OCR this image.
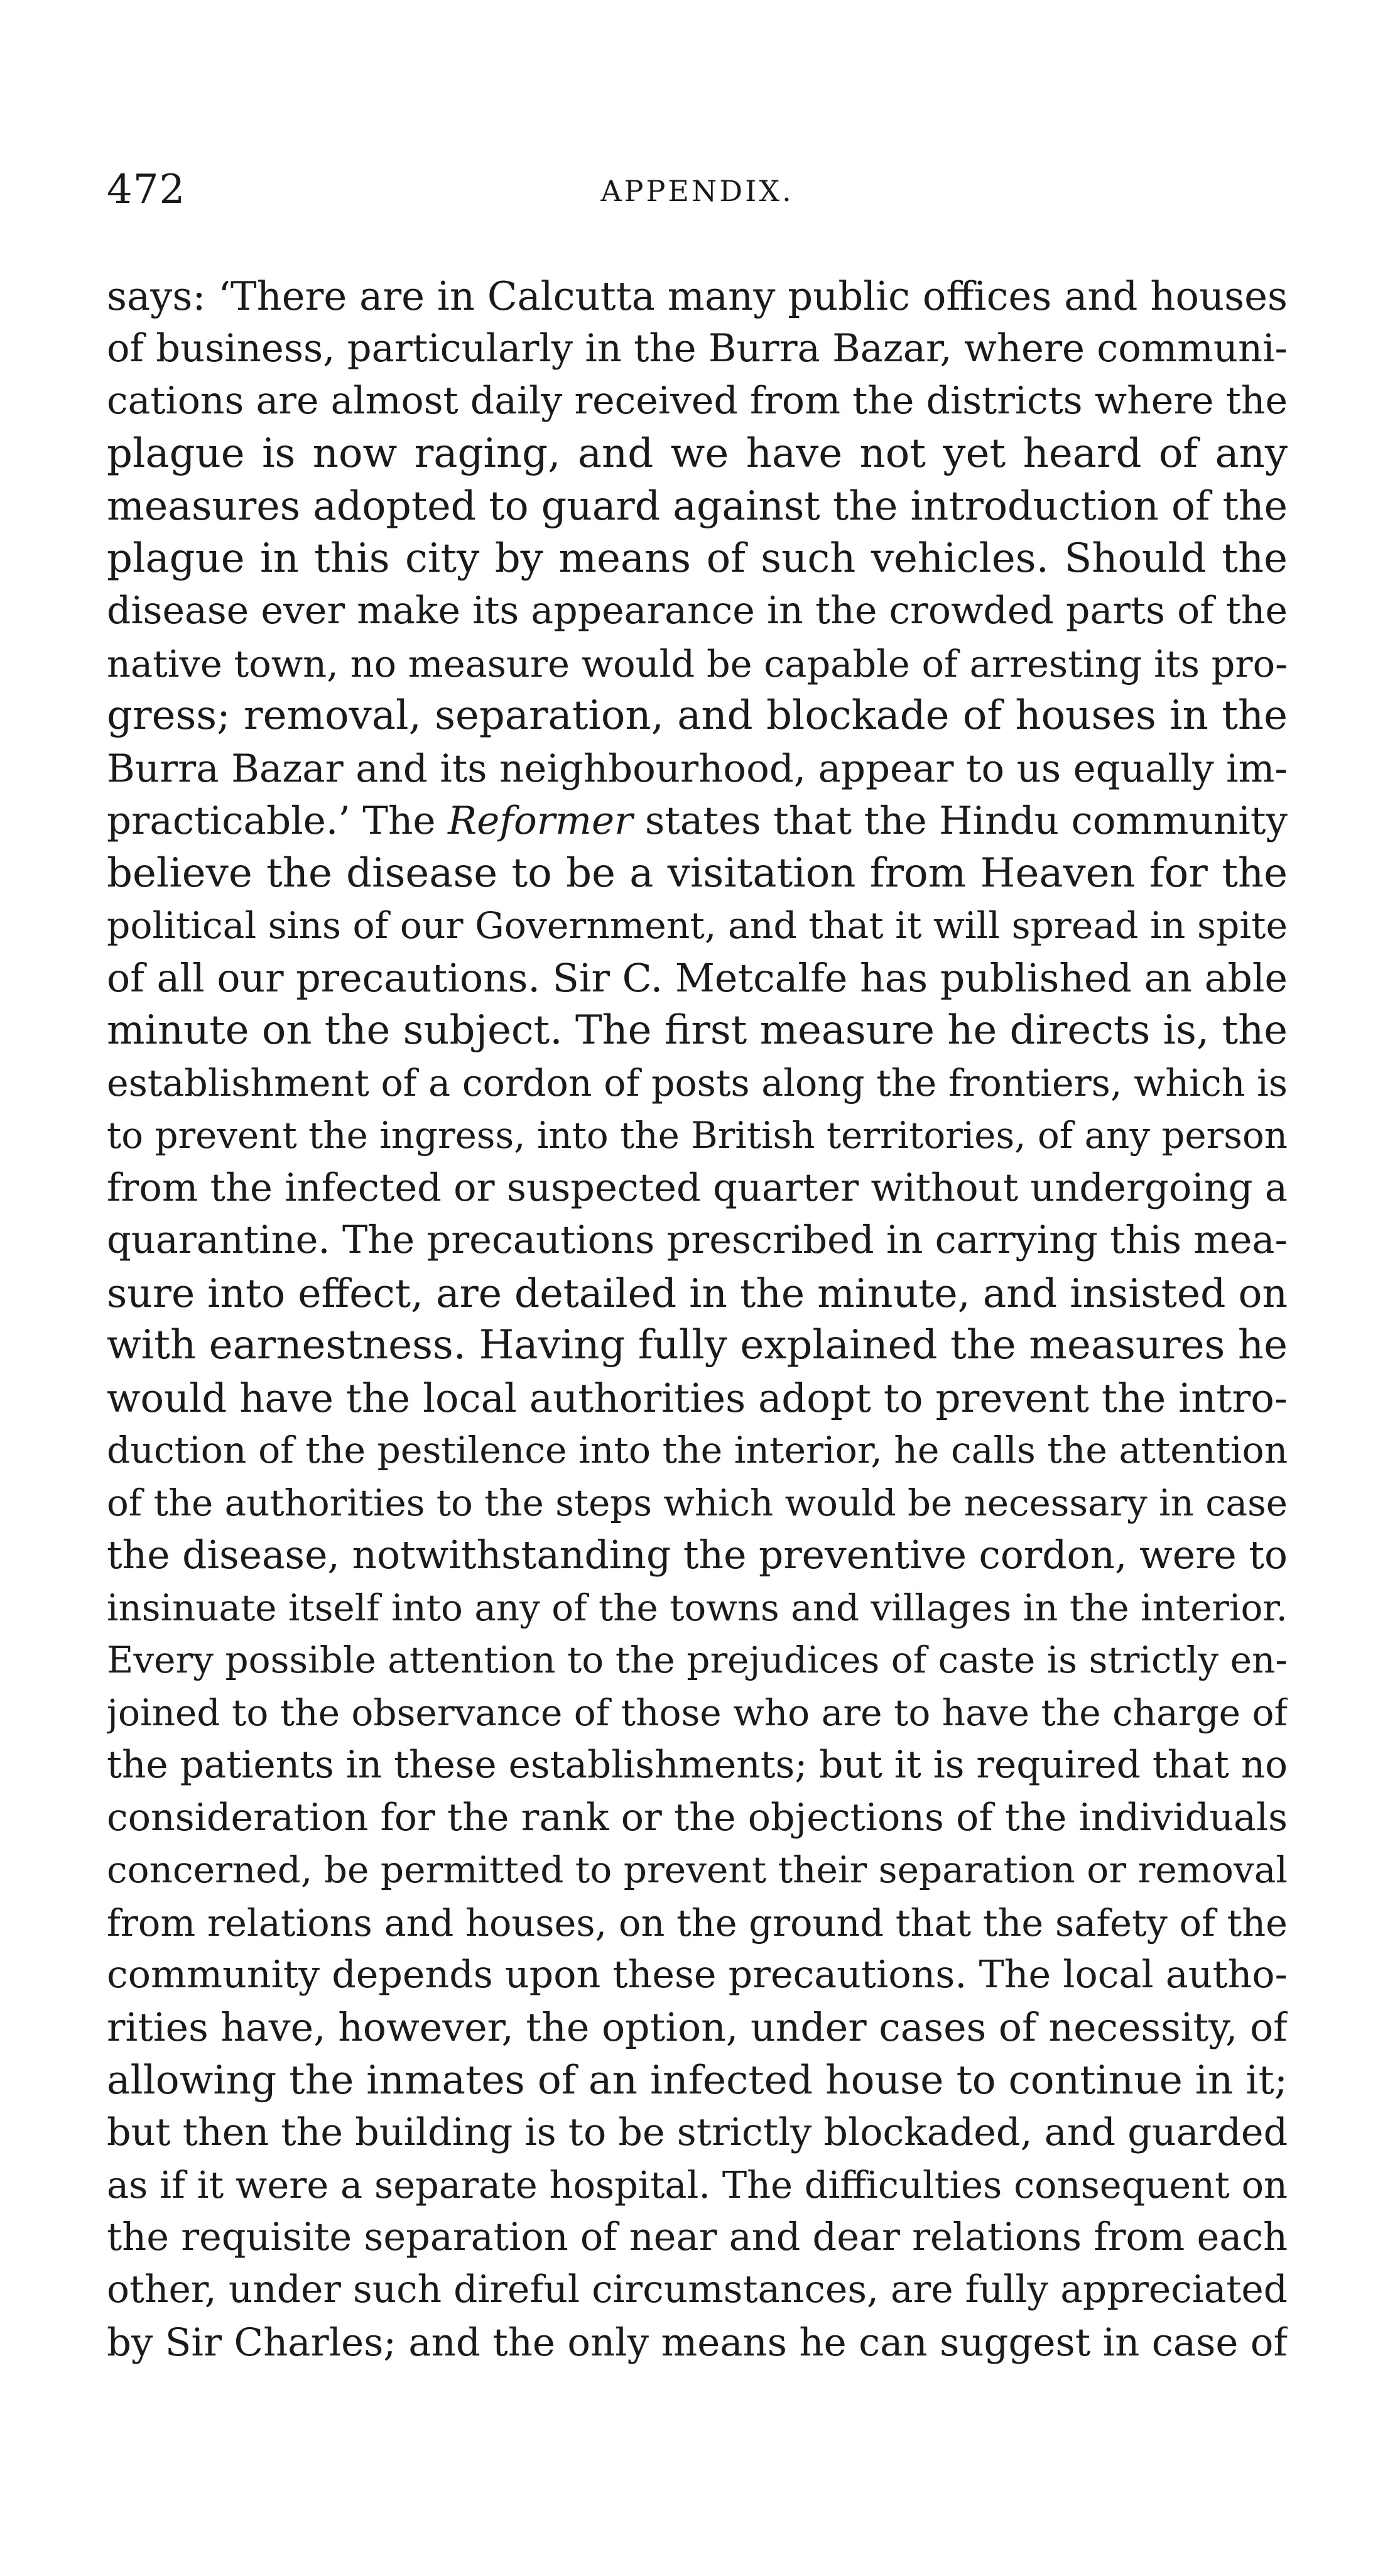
472	APPENDIX.
says: ‘There are in Calcutta many public offices and houses
of business, particularly in the Burra Bazar, where communi-
cations are almost daily received from the districts where the
plague is now raging, and we have not yet heard of any
measures adopted to guard against the introduction of the
plague in this city by means of such vehicles. Should the
disease ever make its appearance in the crowded parts of the
native town, no measure would be capable of arresting its pro-
gress; removal, separation, and blockade of houses in the
Burra Bazar and its neighbourhood, appear to us equally im-
practicable.’ The Reformer states that the Hindu community
believe the disease to be a visitation from Heaven for the
political sins of our Government, and that it will spread in spite
of all our precautions. Sir C. Metcalfe has published an able
minute on the subject. The first measure he directs is, the
establishment of a cordon of posts along the frontiers, which is
to prevent the ingress, into the British territories, of any person
from the infected or suspected quarter without undergoing a
quarantine. The precautions prescribed in carrying this mea-
sure into effect, are detailed in the minute, and insisted on
with earnestness. Having fully explained the measures he
would have the local authorities adopt to prevent the intro-
duction of the pestilence into the interior, he calls the attention
of the authorities to the steps which would be necessary in case
the disease, notwithstanding the preventive cordon, were to
insinuate itself into any of the towns and villages in the interior.
Every possible attention to the prejudices of caste is strictly en-
joined to the observance of those who are to have the charge of
the patients in these establishments; but it is required that no
consideration for the rank or the objections of the individuals
concerned, be permitted to prevent their separation or removal
from relations and houses, on the ground that the safety of the
community depends upon these precautions. The local autho-
rities have, however, the option, under cases of necessity, of
allowing the inmates of an infected house to continue in it;
but then the building is to be strictly blockaded, and guarded
as if it were a separate hospital. The difficulties consequent on
the requisite separation of near and dear relations from each
other, under such direful circumstances, are fully appreciated
by Sir Charles; and the only means he can suggest in case of
